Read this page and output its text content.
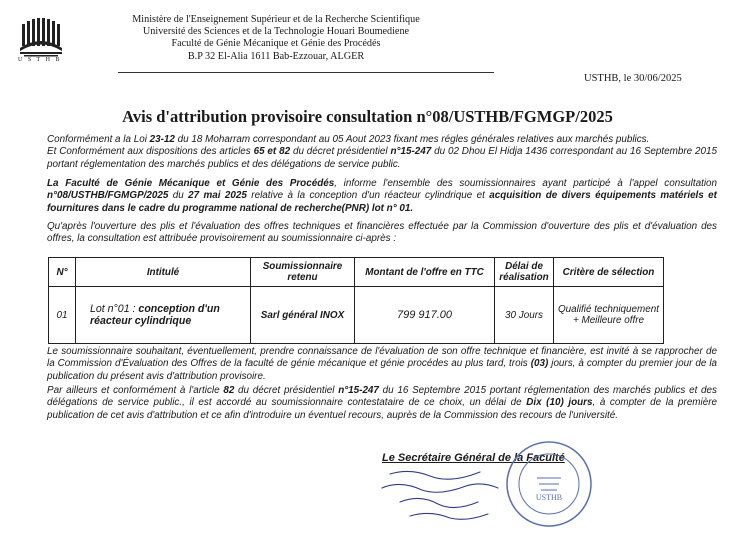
U S T H B
Ministère de l'Enseignement Supérieur et de la Recherche Scientifique
Université des Sciences et de la Technologie Houari Boumediene
Faculté de Génie Mécanique et Génie des Procédés
B.P 32 El-Alia 1611 Bab-Ezzouar, ALGER
USTHB, le 30/06/2025
Avis d'attribution provisoire consultation n°08/USTHB/FGMGP/2025
Conformément a la Loi 23-12 du 18 Moharram correspondant au 05 Aout 2023 fixant mes régles générales relatives aux marchés publics.
Et Conformément aux dispositions des articles 65 et 82 du décret présidentiel n°15-247 du 02 Dhou El Hidja 1436 correspondant au 16 Septembre 2015 portant réglementation des marchés publics et des délégations de service public.
La Faculté de Génie Mécanique et Génie des Procédés, informe l'ensemble des soumissionnaires ayant participé à l'appel consultation n°08/USTHB/FGMGP/2025 du 27 mai 2025 relative à la conception d'un réacteur cylindrique et acquisition de divers équipements matériels et fournitures dans le cadre du programme national de recherche(PNR) lot n° 01.
Qu'après l'ouverture des plis et l'évaluation des offres techniques et financières effectuée par la Commission d'ouverture des plis et d'évaluation des offres, la consultation est attribuée provisoirement au soumissionnaire ci-après :
N°	Intitulé	Soumissionnaire retenu	Montant de l'offre en TTC	Délai de réalisation	Critère de sélection
01	Lot n°01 : conception d'un réacteur cylindrique	Sarl général INOX	799 917.00	30 Jours	Qualifié techniquement + Meilleure offre
Le soumissionnaire souhaitant, éventuellement, prendre connaissance de l'évaluation de son offre technique et financière, est invité à se rapprocher de la Commission d'Évaluation des Offres de la faculté de génie mécanique et génie procédes au plus tard, trois (03) jours, à compter du premier jour de la publication du présent avis d'attribution provisoire.
Par ailleurs et conformément à l'article 82 du décret présidentiel n°15-247 du 16 Septembre 2015 portant réglementation des marchés publics et des délégations de service public., il est accordé au soumissionnaire contestataire de ce choix, un délai de Dix (10) jours, à compter de la première publication de cet avis d'attribution et ce afin d'introduire un éventuel recours, auprès de la Commission des recours de l'université.
Le Secrétaire Général de la Faculté
USTHB
